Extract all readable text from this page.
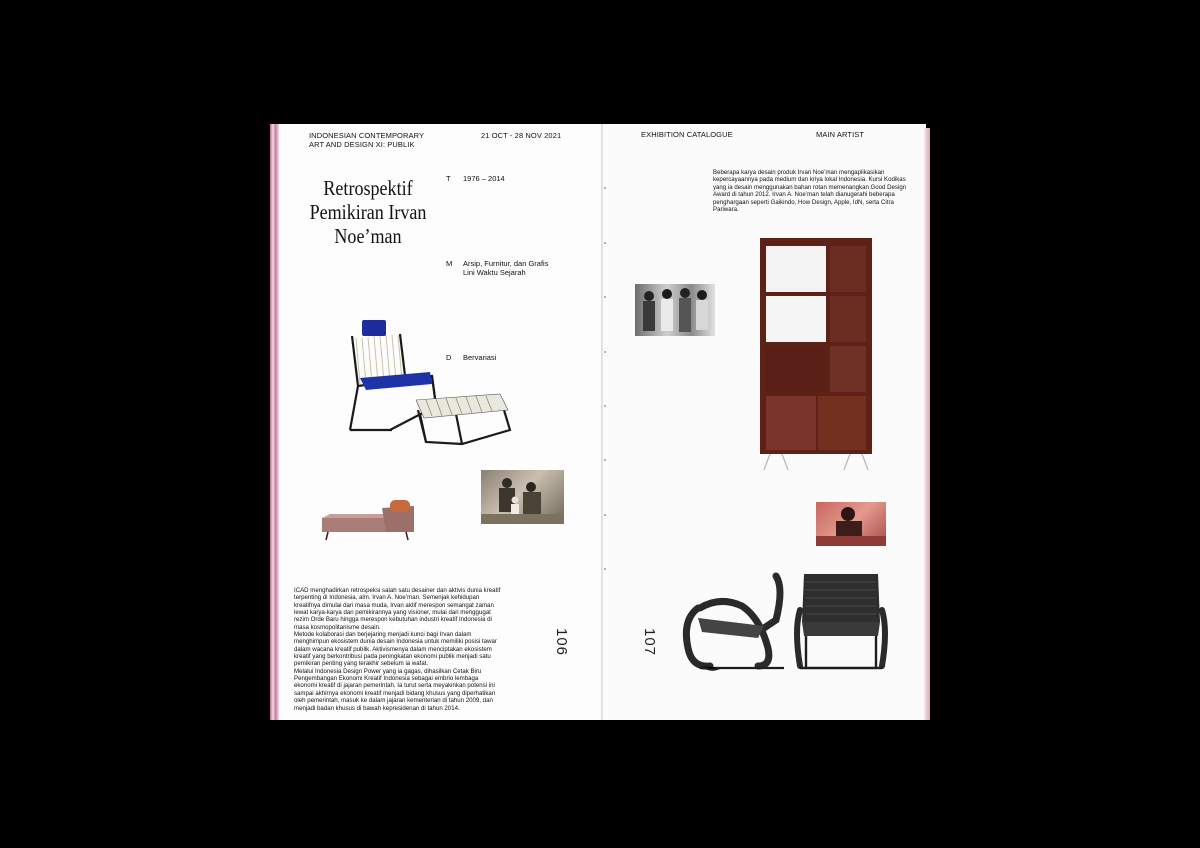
INDONESIAN CONTEMPORARY
ART AND DESIGN XI: PUBLIK
21 OCT - 28 NOV 2021	EXHIBITION CATALOGUE	MAIN ARTIST
Retrospektif
Pemikiran Irvan
Noe’man
T 1976 – 2014
M Arsip, Furnitur, dan Grafis Lini Waktu Sejarah
D Bervariasi
ICAD menghadirkan retrospeksi salah satu desainer dan aktivis dunia kreatif terpenting di Indonesia, alm. Irvan A. Noe’man. Semenjak kehidupan kreatifnya dimulai dari masa muda, Irvan aktif merespon semangat zaman lewat karya-karya dan pemikirannya yang visioner, mulai dari menggugat rezim Orde Baru hingga merespon kebutuhan industri kreatif Indonesia di masa kosmopolitanisme desain.
Metode kolaborasi dan berjejaring menjadi kunci bagi Irvan dalam menghimpun ekosistem dunia desain Indonesia untuk memiliki posisi tawar dalam wacana kreatif publik. Aktivismenya dalam menciptakan ekosistem kreatif yang berkontribusi pada peningkatan ekonomi publik menjadi satu pemikiran penting yang terakhir sebelum ia wafat.
Melalui Indonesia Design Power yang ia gagas, dihasilkan Cetak Biru Pengembangan Ekonomi Kreatif Indonesia sebagai embrio lembaga ekonomi kreatif di jajaran pemerintah. Ia turut serta meyakinkan potensi ini sampai akhirnya ekonomi kreatif menjadi bidang khusus yang diperhatikan oleh pemerintah, masuk ke dalam jajaran kementerian di tahun 2009, dan menjadi badan khusus di bawah kepresidenan di tahun 2014.
106	107
Beberapa karya desain produk Irvan Noe’man mengaplikasikan kepercayaannya pada medium dan kriya lokal Indonesia. Kursi Kodikas yang ia desain menggunakan bahan rotan memenangkan Good Design Award di tahun 2012. Irvan A. Noe’man telah dianugerahi beberapa penghargaan seperti Gaikindo, How Design, Apple, IdN, serta Citra Pariwara.
